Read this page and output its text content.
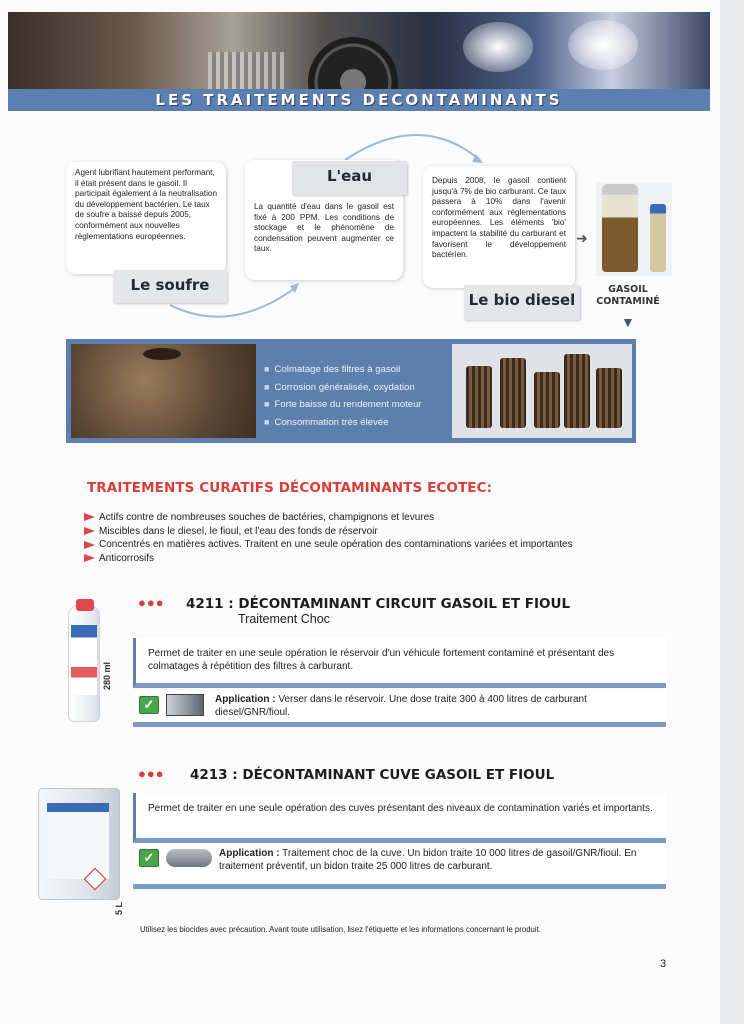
LES TRAITEMENTS DECONTAMINANTS
Agent lubrifiant hautement performant, il était présent dans le gasoil. Il participait également à la neutralisation du développement bactérien. Le taux de soufre a baissé depuis 2005, conformément aux nouvelles règlementations européennes.
Le soufre
La quantité d'eau dans le gasoil est fixé à 200 PPM. Les conditions de stockage et le phénomène de condensation peuvent augmenter ce taux.
L'eau	Depuis 2008, le gasoil contient jusqu'à 7% de bio carburant. Ce taux passera à 10% dans l'avenir conformément aux réglementations européennes. Les éléments 'bio' impactent la stabilité du carburant et favorisent le développement bactérien.
Le bio diesel
➜
GASOIL CONTAMINÉ
▼
■ Colmatage des filtres à gasoil
■ Corrosion généralisée, oxydation
■ Forte baisse du rendement moteur
■ Consommation très élevée
TRAITEMENTS CURATIFS DÉCONTAMINANTS ECOTEC:
Actifs contre de nombreuses souches de bactéries, champignons et levures
Miscibles dans le diesel, le fioul, et l'eau des fonds de réservoir
Concentrés en matières actives. Traitent en une seule opération des contaminations variées et importantes
Anticorrosifs
280 ml
●●● 4211 : DÉCONTAMINANT CIRCUIT GASOIL ET FIOUL
Traitement Choc
Permet de traiter en une seule opération le réservoir d'un véhicule fortement contaminé et présentant des colmatages à répétition des filtres à carburant.
✓	Application : Verser dans le réservoir. Une dose traite 300 à 400 litres de carburant diesel/GNR/fioul.
5 L
●●● 4213 : DÉCONTAMINANT CUVE GASOIL ET FIOUL
Permet de traiter en une seule opération des cuves présentant des niveaux de contamination variés et importants.
✓	Application : Traitement choc de la cuve. Un bidon traite 10 000 litres de gasoil/GNR/fioul. En traitement préventif, un bidon traite 25 000 litres de carburant.
Utilisez les biocides avec précaution. Avant toute utilisation, lisez l'étiquette et les informations concernant le produit.
3
